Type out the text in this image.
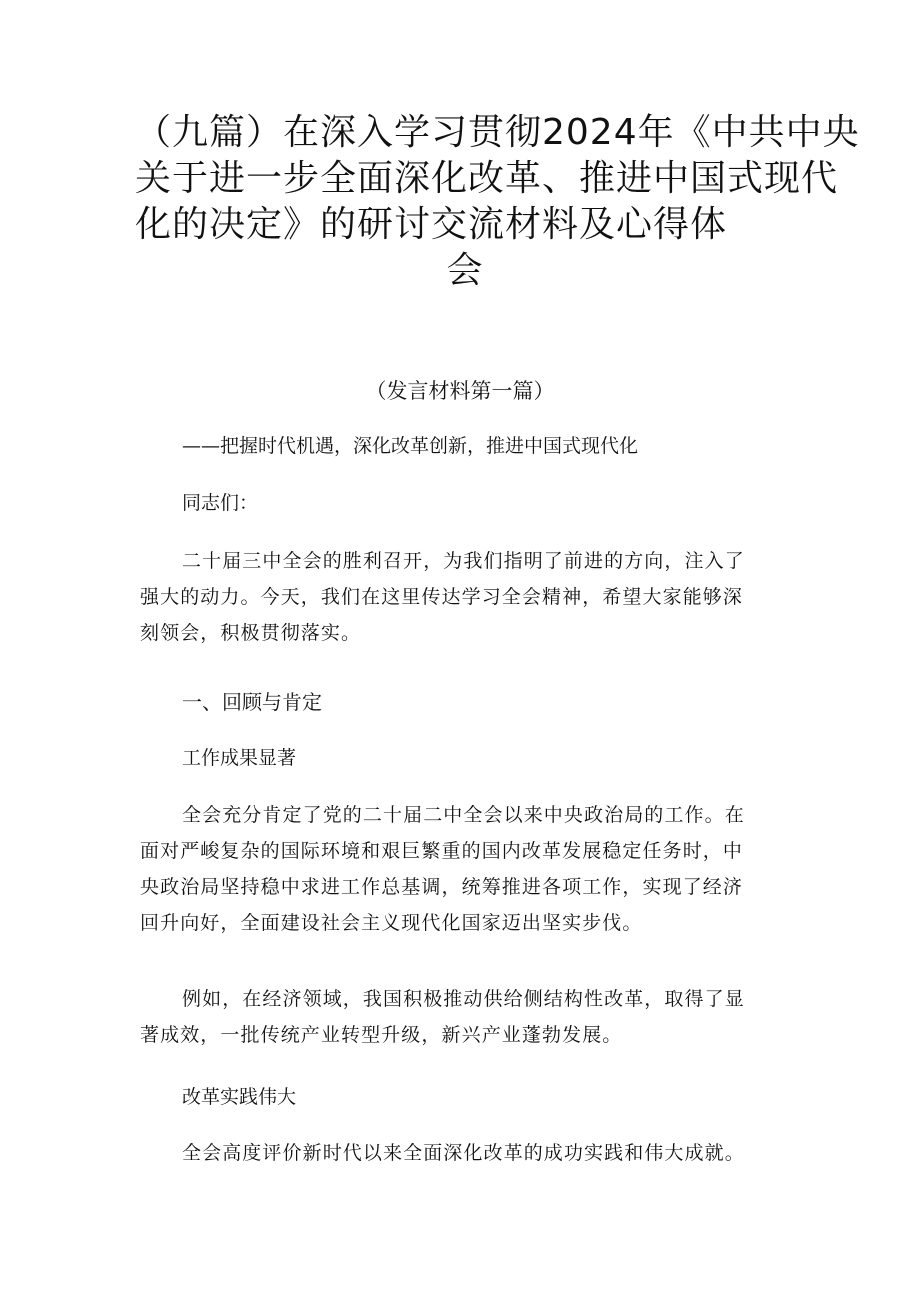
（九篇）在深入学习贯彻2024年《中共中央
关于进一步全面深化改革、推进中国式现代
化的决定》的研讨交流材料及心得体
会
（发言材料第一篇）
——把握时代机遇，深化改革创新，推进中国式现代化
同志们：

二十届三中全会的胜利召开，为我们指明了前进的方向，注入了
强大的动力。今天，我们在这里传达学习全会精神，希望大家能够深
刻领会，积极贯彻落实。

一、回顾与肯定
工作成果显著

全会充分肯定了党的二十届二中全会以来中央政治局的工作。在
面对严峻复杂的国际环境和艰巨繁重的国内改革发展稳定任务时，中
央政治局坚持稳中求进工作总基调，统筹推进各项工作，实现了经济
回升向好，全面建设社会主义现代化国家迈出坚实步伐。

例如，在经济领域，我国积极推动供给侧结构性改革，取得了显
著成效，一批传统产业转型升级，新兴产业蓬勃发展。

改革实践伟大

全会高度评价新时代以来全面深化改革的成功实践和伟大成就。
